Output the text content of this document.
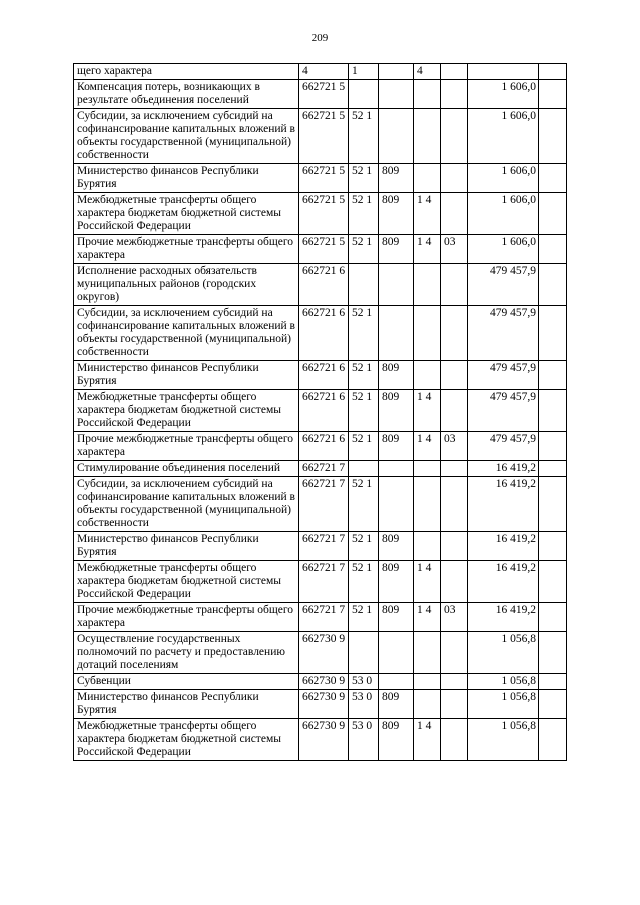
209
щего характера	4	1		4			
Компенсация потерь, возникающих в результате объединения поселений	662721 5					1 606,0	
Субсидии, за исключением субсидий на софинансирование капитальных вложений в объекты государственной (муниципальной) собственности	662721 5	52 1				1 606,0	
Министерство финансов Республики Бурятия	662721 5	52 1	809			1 606,0	
Межбюджетные трансферты общего характера бюджетам бюджетной системы Российской Федерации	662721 5	52 1	809	1 4		1 606,0	
Прочие межбюджетные трансферты общего характера	662721 5	52 1	809	1 4	03	1 606,0	
Исполнение расходных обязательств муниципальных районов (городских округов)	662721 6					479 457,9	
Субсидии, за исключением субсидий на софинансирование капитальных вложений в объекты государственной (муниципальной) собственности	662721 6	52 1				479 457,9	
Министерство финансов Республики Бурятия	662721 6	52 1	809			479 457,9	
Межбюджетные трансферты общего характера бюджетам бюджетной системы Российской Федерации	662721 6	52 1	809	1 4		479 457,9	
Прочие межбюджетные трансферты общего характера	662721 6	52 1	809	1 4	03	479 457,9	
Стимулирование объединения поселений	662721 7					16 419,2	
Субсидии, за исключением субсидий на софинансирование капитальных вложений в объекты государственной (муниципальной) собственности	662721 7	52 1				16 419,2	
Министерство финансов Республики Бурятия	662721 7	52 1	809			16 419,2	
Межбюджетные трансферты общего характера бюджетам бюджетной системы Российской Федерации	662721 7	52 1	809	1 4		16 419,2	
Прочие межбюджетные трансферты общего характера	662721 7	52 1	809	1 4	03	16 419,2	
Осуществление государственных полномочий по расчету и предоставлению дотаций поселениям	662730 9					1 056,8	
Субвенции	662730 9	53 0				1 056,8	
Министерство финансов Республики Бурятия	662730 9	53 0	809			1 056,8	
Межбюджетные трансферты общего характера бюджетам бюджетной системы Российской Федерации	662730 9	53 0	809	1 4		1 056,8	
